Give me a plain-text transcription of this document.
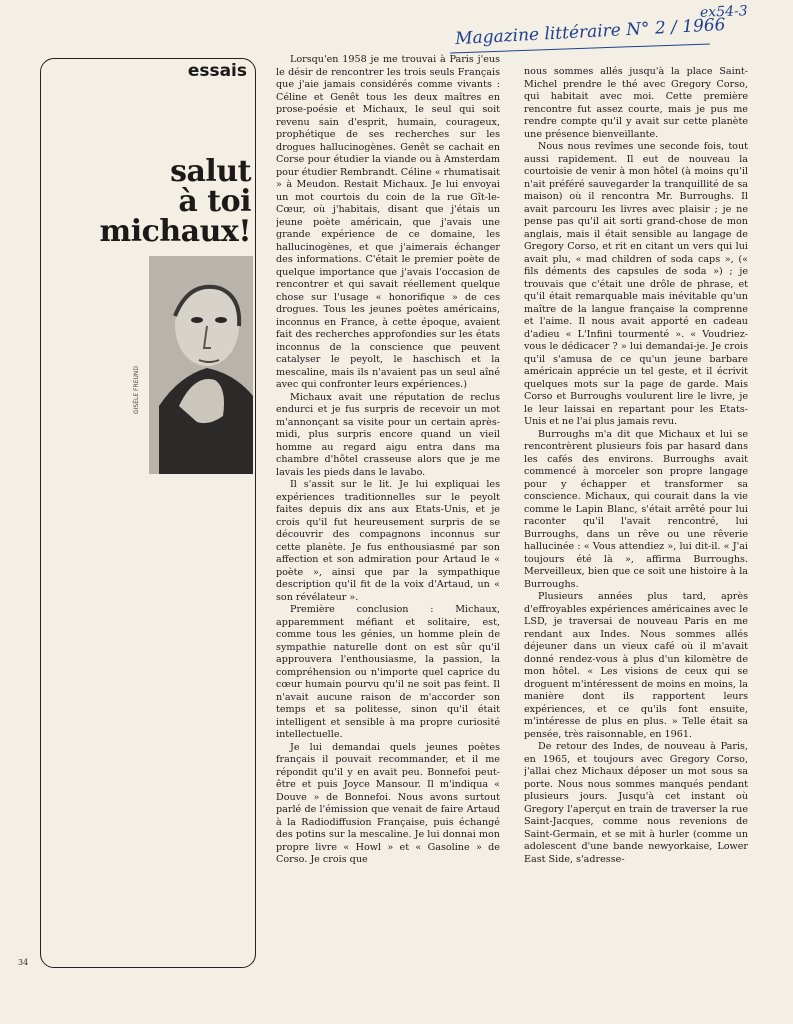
Magazine littéraire N° 2 / 1966
ex54-3
essais
salut
à toi
michaux!
GISÈLE FREUND
34

Lorsqu'en 1958 je me trouvai à Paris j'eus le désir de rencontrer les trois seuls Français que j'aie jamais considérés comme vivants : Céline et Genêt tous les deux maîtres en prose-poésie et Michaux, le seul qui soit revenu sain d'esprit, humain, courageux, prophétique de ses recherches sur les drogues hallucinogènes. Genêt se cachait en Corse pour étudier la viande ou à Amsterdam pour étudier Rembrandt. Céline « rhumatisait » à Meudon. Restait Michaux. Je lui envoyai un mot courtois du coin de la rue Gît-le-Cœur, où j'habitais, disant que j'étais un jeune poète américain, que j'avais une grande expérience de ce domaine, les hallucinogènes, et que j'aimerais échanger des informations. C'était le premier poète de quelque importance que j'avais l'occasion de rencontrer et qui savait réellement quelque chose sur l'usage « honorifique » de ces drogues. Tous les jeunes poètes américains, inconnus en France, à cette époque, avaient fait des recherches approfondies sur les états inconnus de la conscience que peuvent catalyser le peyolt, le haschisch et la mescaline, mais ils n'avaient pas un seul aîné avec qui confronter leurs expériences.)

Michaux avait une réputation de reclus endurci et je fus surpris de recevoir un mot m'annonçant sa visite pour un certain après-midi, plus surpris encore quand un vieil homme au regard aigu entra dans ma chambre d'hôtel crasseuse alors que je me lavais les pieds dans le lavabo.

Il s'assit sur le lit. Je lui expliquai les expériences traditionnelles sur le peyolt faites depuis dix ans aux Etats-Unis, et je crois qu'il fut heureusement surpris de se découvrir des compagnons inconnus sur cette planète. Je fus enthousiasmé par son affection et son admiration pour Artaud le « poète », ainsi que par la sympathique description qu'il fit de la voix d'Artaud, un « son révélateur ».

Première conclusion : Michaux, apparemment méfiant et solitaire, est, comme tous les génies, un homme plein de sympathie naturelle dont on est sûr qu'il approuvera l'enthousiasme, la passion, la compréhension ou n'importe quel caprice du cœur humain pourvu qu'il ne soit pas feint. Il n'avait aucune raison de m'accorder son temps et sa politesse, sinon qu'il était intelligent et sensible à ma propre curiosité intellectuelle.

Je lui demandai quels jeunes poètes français il pouvait recommander, et il me répondit qu'il y en avait peu. Bonnefoi peut-être et puis Joyce Mansour. Il m'indiqua « Douve » de Bonnefoi. Nous avons surtout parlé de l'émission que venait de faire Artaud à la Radiodiffusion Française, puis échangé des potins sur la mescaline. Je lui donnai mon propre livre « Howl » et « Gasoline » de Corso. Je crois que

nous sommes allés jusqu'à la place Saint-Michel prendre le thé avec Gregory Corso, qui habitait avec moi. Cette première rencontre fut assez courte, mais je pus me rendre compte qu'il y avait sur cette planète une présence bienveillante.

Nous nous revîmes une seconde fois, tout aussi rapidement. Il eut de nouveau la courtoisie de venir à mon hôtel (à moins qu'il n'ait préféré sauvegarder la tranquillité de sa maison) où il rencontra Mr. Burroughs. Il avait parcouru les livres avec plaisir ; je ne pense pas qu'il ait sorti grand-chose de mon anglais, mais il était sensible au langage de Gregory Corso, et rit en citant un vers qui lui avait plu, « mad children of soda caps », (« fils déments des capsules de soda ») ; je trouvais que c'était une drôle de phrase, et qu'il était remarquable mais inévitable qu'un maître de la langue française la comprenne et l'aime. Il nous avait apporté en cadeau d'adieu « L'Infini tourmenté ». « Voudriez-vous le dédicacer ? » lui demandai-je. Je crois qu'il s'amusa de ce qu'un jeune barbare américain apprécie un tel geste, et il écrivit quelques mots sur la page de garde. Mais Corso et Burroughs voulurent lire le livre, je le leur laissai en repartant pour les Etats-Unis et ne l'ai plus jamais revu.

Burroughs m'a dit que Michaux et lui se rencontrèrent plusieurs fois par hasard dans les cafés des environs. Burroughs avait commencé à morceler son propre langage pour y échapper et transformer sa conscience. Michaux, qui courait dans la vie comme le Lapin Blanc, s'était arrêté pour lui raconter qu'il l'avait rencontré, lui Burroughs, dans un rêve ou une rêverie hallucinée : « Vous attendiez », lui dit-il. « J'ai toujours été là », affirma Burroughs. Merveilleux, bien que ce soit une histoire à la Burroughs.

Plusieurs années plus tard, après d'effroyables expériences américaines avec le LSD, je traversai de nouveau Paris en me rendant aux Indes. Nous sommes allés déjeuner dans un vieux café où il m'avait donné rendez-vous à plus d'un kilomètre de mon hôtel. « Les visions de ceux qui se droguent m'intéressent de moins en moins, la manière dont ils rapportent leurs expériences, et ce qu'ils font ensuite, m'intéresse de plus en plus. » Telle était sa pensée, très raisonnable, en 1961.

De retour des Indes, de nouveau à Paris, en 1965, et toujours avec Gregory Corso, j'allai chez Michaux déposer un mot sous sa porte. Nous nous sommes manqués pendant plusieurs jours. Jusqu'à cet instant où Gregory l'aperçut en train de traverser la rue Saint-Jacques, comme nous revenions de Saint-Germain, et se mit à hurler (comme un adolescent d'une bande newyorkaise, Lower East Side, s'adresse-
